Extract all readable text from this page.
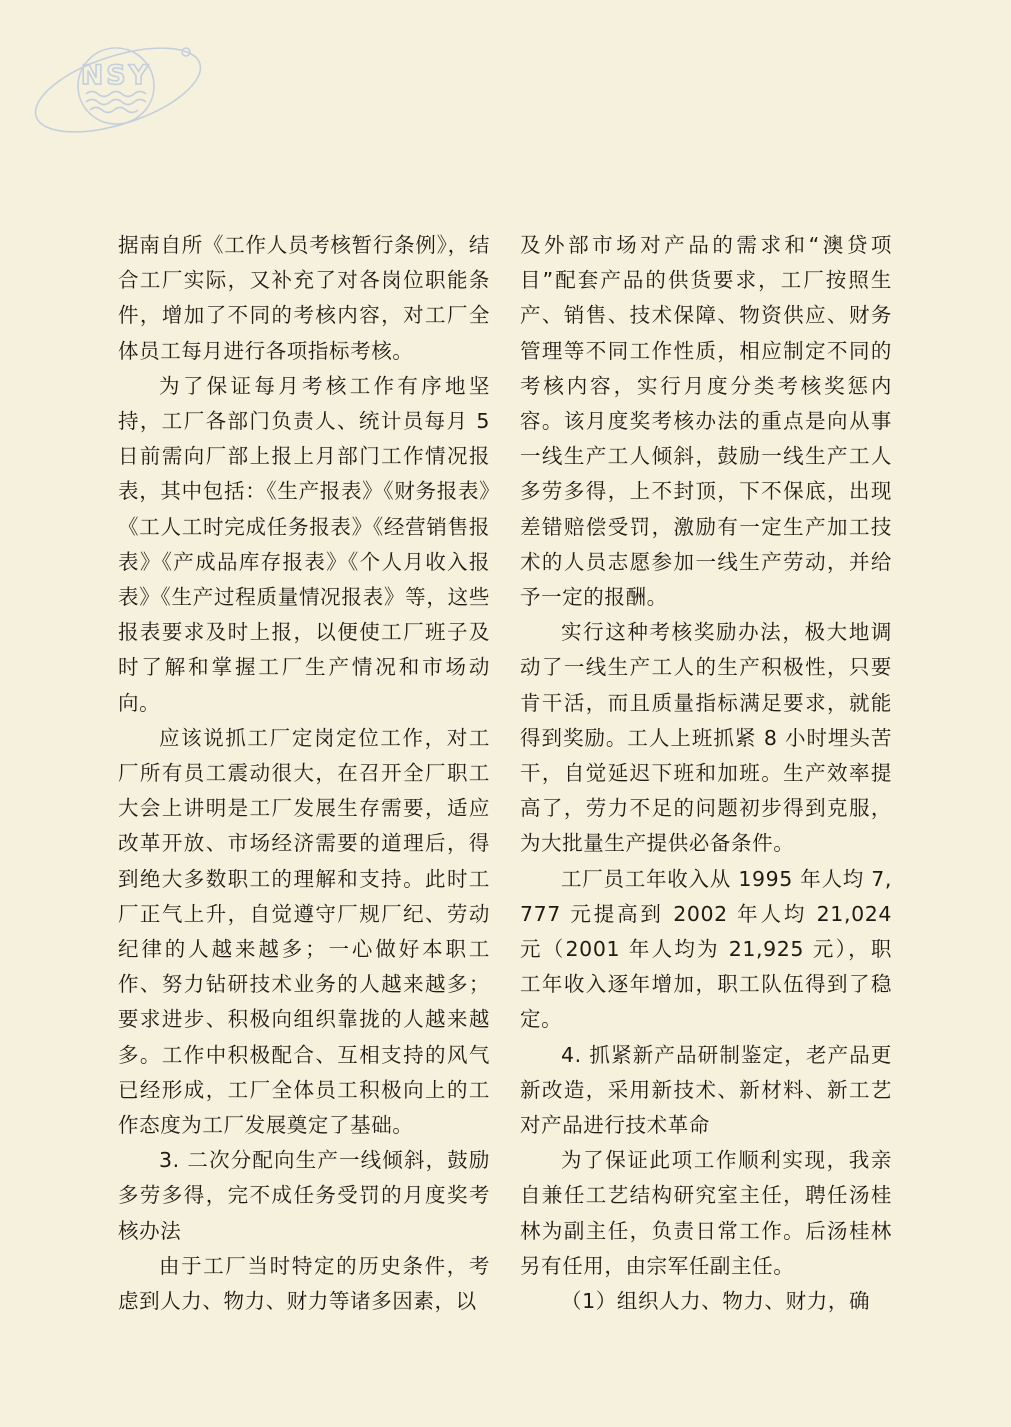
NSY

据南自所《工作人员考核暂行条例》，结合工厂实际，又补充了对各岗位职能条件，增加了不同的考核内容，对工厂全体员工每月进行各项指标考核。

为了保证每月考核工作有序地坚持，工厂各部门负责人、统计员每月 5 日前需向厂部上报上月部门工作情况报表，其中包括：《生产报表》《财务报表》《工人工时完成任务报表》《经营销售报表》《产成品库存报表》《个人月收入报表》《生产过程质量情况报表》等，这些报表要求及时上报，以便使工厂班子及时了解和掌握工厂生产情况和市场动向。

应该说抓工厂定岗定位工作，对工厂所有员工震动很大，在召开全厂职工大会上讲明是工厂发展生存需要，适应改革开放、市场经济需要的道理后，得到绝大多数职工的理解和支持。此时工厂正气上升，自觉遵守厂规厂纪、劳动纪律的人越来越多；一心做好本职工作、努力钻研技术业务的人越来越多；要求进步、积极向组织靠拢的人越来越多。工作中积极配合、互相支持的风气已经形成，工厂全体员工积极向上的工作态度为工厂发展奠定了基础。

3. 二次分配向生产一线倾斜，鼓励多劳多得，完不成任务受罚的月度奖考核办法

由于工厂当时特定的历史条件，考虑到人力、物力、财力等诸多因素，以

及外部市场对产品的需求和“澳贷项目”配套产品的供货要求，工厂按照生产、销售、技术保障、物资供应、财务管理等不同工作性质，相应制定不同的考核内容，实行月度分类考核奖惩内容。该月度奖考核办法的重点是向从事一线生产工人倾斜，鼓励一线生产工人多劳多得，上不封顶，下不保底，出现差错赔偿受罚，激励有一定生产加工技术的人员志愿参加一线生产劳动，并给予一定的报酬。

实行这种考核奖励办法，极大地调动了一线生产工人的生产积极性，只要肯干活，而且质量指标满足要求，就能得到奖励。工人上班抓紧 8 小时埋头苦干，自觉延迟下班和加班。生产效率提高了，劳力不足的问题初步得到克服，为大批量生产提供必备条件。

工厂员工年收入从 1995 年人均 7,777 元提高到 2002 年人均 21,024 元（2001 年人均为 21,925 元），职工年收入逐年增加，职工队伍得到了稳定。

4. 抓紧新产品研制鉴定，老产品更新改造，采用新技术、新材料、新工艺对产品进行技术革命

为了保证此项工作顺利实现，我亲自兼任工艺结构研究室主任，聘任汤桂林为副主任，负责日常工作。后汤桂林另有任用，由宗军任副主任。

（1）组织人力、物力、财力，确
